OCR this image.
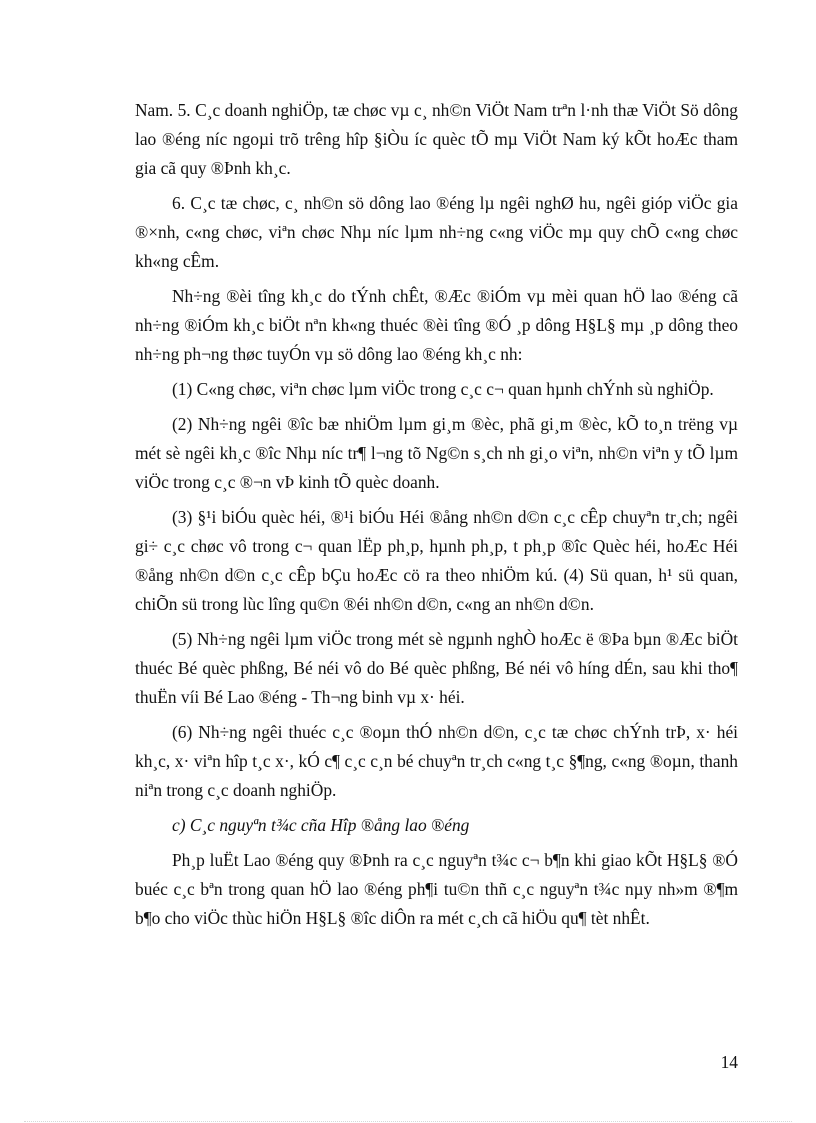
Nam. 5. C¸c doanh nghiÖp, tæ chøc vµ c¸ nh©n ViÖt Nam trªn l·nh thæ ViÖt Sö dông lao ®éng níc ngoµi trõ trêng hîp §iÒu íc quèc tÕ mµ ViÖt Nam ký kÕt hoÆc tham gia cã quy ®Þnh kh¸c.

6. C¸c tæ chøc, c¸ nh©n sö dông lao ®éng lµ ngêi nghØ hu, ngêi gióp viÖc gia ®×nh, c«ng chøc, viªn chøc Nhµ níc lµm nh÷ng c«ng viÖc mµ quy chÕ c«ng chøc kh«ng cÊm.

Nh÷ng ®èi tîng kh¸c do tÝnh chÊt, ®Æc ®iÓm vµ mèi quan hÖ lao ®éng cã nh÷ng ®iÓm kh¸c biÖt nªn kh«ng thuéc ®èi tîng ®Ó ¸p dông H§L§ mµ ¸p dông theo nh÷ng ph¬ng thøc tuyÓn vµ sö dông lao ®éng kh¸c nh:

(1) C«ng chøc, viªn chøc lµm viÖc trong c¸c c¬ quan hµnh chÝnh sù nghiÖp.

(2) Nh÷ng ngêi ®îc bæ nhiÖm lµm gi¸m ®èc, phã gi¸m ®èc, kÕ to¸n trëng vµ mét sè ngêi kh¸c ®îc Nhµ níc tr¶ l¬ng tõ Ng©n s¸ch nh gi¸o viªn, nh©n viªn y tÕ lµm viÖc trong c¸c ®¬n vÞ kinh tÕ quèc doanh.

(3) §¹i biÓu quèc héi, ®¹i biÓu Héi ®ång nh©n d©n c¸c cÊp chuyªn tr¸ch; ngêi gi÷ c¸c chøc vô trong c¬ quan lËp ph¸p, hµnh ph¸p, t ph¸p ®îc Quèc héi, hoÆc Héi ®ång nh©n d©n c¸c cÊp bÇu hoÆc cö ra theo nhiÖm kú. (4) Sü quan, h¹ sü quan, chiÕn sü trong lùc lîng qu©n ®éi nh©n d©n, c«ng an nh©n d©n.

(5) Nh÷ng ngêi lµm viÖc trong mét sè ngµnh nghÒ hoÆc ë ®Þa bµn ®Æc biÖt thuéc Bé quèc phßng, Bé néi vô do Bé quèc phßng, Bé néi vô híng dÉn, sau khi tho¶ thuËn víi Bé Lao ®éng - Th¬ng binh vµ x· héi.

(6) Nh÷ng ngêi thuéc c¸c ®oµn thÓ nh©n d©n, c¸c tæ chøc chÝnh trÞ, x· héi kh¸c, x· viªn hîp t¸c x·, kÓ c¶ c¸c c¸n bé chuyªn tr¸ch c«ng t¸c §¶ng, c«ng ®oµn, thanh niªn trong c¸c doanh nghiÖp.

c) C¸c nguyªn t¾c cña Hîp ®ång lao ®éng

Ph¸p luËt Lao ®éng quy ®Þnh ra c¸c nguyªn t¾c c¬ b¶n khi giao kÕt H§L§ ®Ó buéc c¸c bªn trong quan hÖ lao ®éng ph¶i tu©n thñ c¸c nguyªn t¾c nµy nh»m ®¶m b¶o cho viÖc thùc hiÖn H§L§ ®îc diÔn ra mét c¸ch cã hiÖu qu¶ tèt nhÊt.

14
